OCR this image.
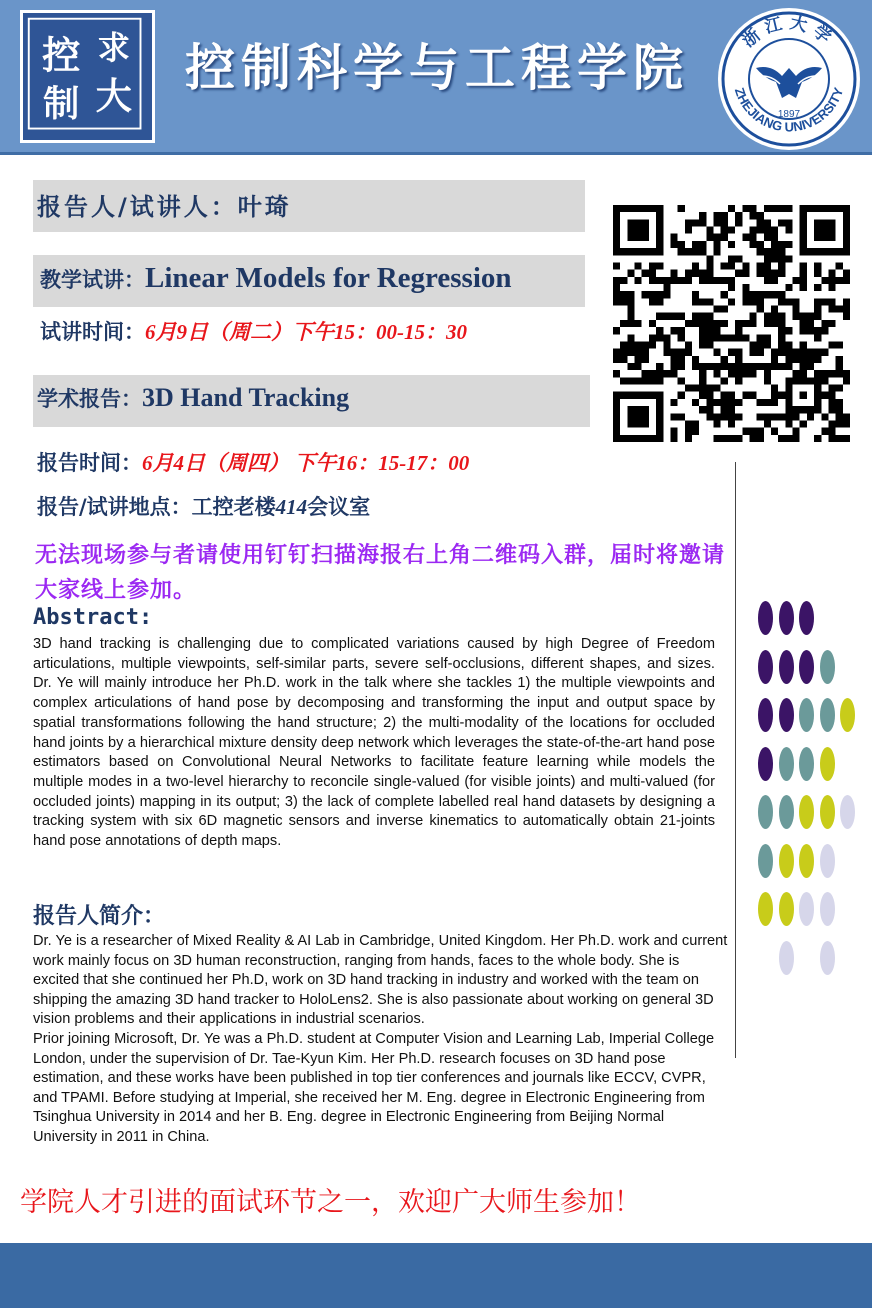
控 求
大
制
控制科学与工程学院
浙江大学
ZHEJIANG UNIVERSITY
1897
报告人/试讲人：叶琦
教学试讲：Linear Models for Regression
试讲时间：6月9日（周二）下午15：00-15：30
学术报告：3D Hand Tracking
报告时间：6月4日（周四） 下午16：15-17：00
报告/试讲地点：工控老楼414会议室
无法现场参与者请使用钉钉扫描海报右上角二维码入群，届时将邀请大家线上参加。
Abstract:
3D hand tracking is challenging due to complicated variations caused by high Degree of Freedom articulations, multiple viewpoints, self-similar parts, severe self-occlusions, different shapes, and sizes. Dr. Ye will mainly introduce her Ph.D. work in the talk where she tackles 1) the multiple viewpoints and complex articulations of hand pose by decomposing and transforming the input and output space by spatial transformations following the hand structure; 2) the multi-modality of the locations for occluded hand joints by a hierarchical mixture density deep network which leverages the state-of-the-art hand pose estimators based on Convolutional Neural Networks to facilitate feature learning while models the multiple modes in a two-level hierarchy to reconcile single-valued (for visible joints) and multi-valued (for occluded joints) mapping in its output; 3) the lack of complete labelled real hand datasets by designing a tracking system with six 6D magnetic sensors and inverse kinematics to automatically obtain 21-joints hand pose annotations of depth maps.
报告人简介：

Dr. Ye is a researcher of Mixed Reality & AI Lab in Cambridge, United Kingdom. Her Ph.D. work and current work mainly focus on 3D human reconstruction, ranging from hands, faces to the whole body. She is excited that she continued her Ph.D, work on 3D hand tracking in industry and worked with the team on shipping the amazing 3D hand tracker to HoloLens2. She is also passionate about working on general 3D vision problems and their applications in industrial scenarios.

Prior joining Microsoft, Dr. Ye was a Ph.D. student at Computer Vision and Learning Lab, Imperial College London, under the supervision of Dr. Tae-Kyun Kim. Her Ph.D. research focuses on 3D hand pose estimation, and these works have been published in top tier conferences and journals like ECCV, CVPR, and TPAMI. Before studying at Imperial, she received her M. Eng. degree in Electronic Engineering from Tsinghua University in 2014 and her B. Eng. degree in Electronic Engineering from Beijing Normal University in 2011 in China.

学院人才引进的面试环节之一，欢迎广大师生参加！
